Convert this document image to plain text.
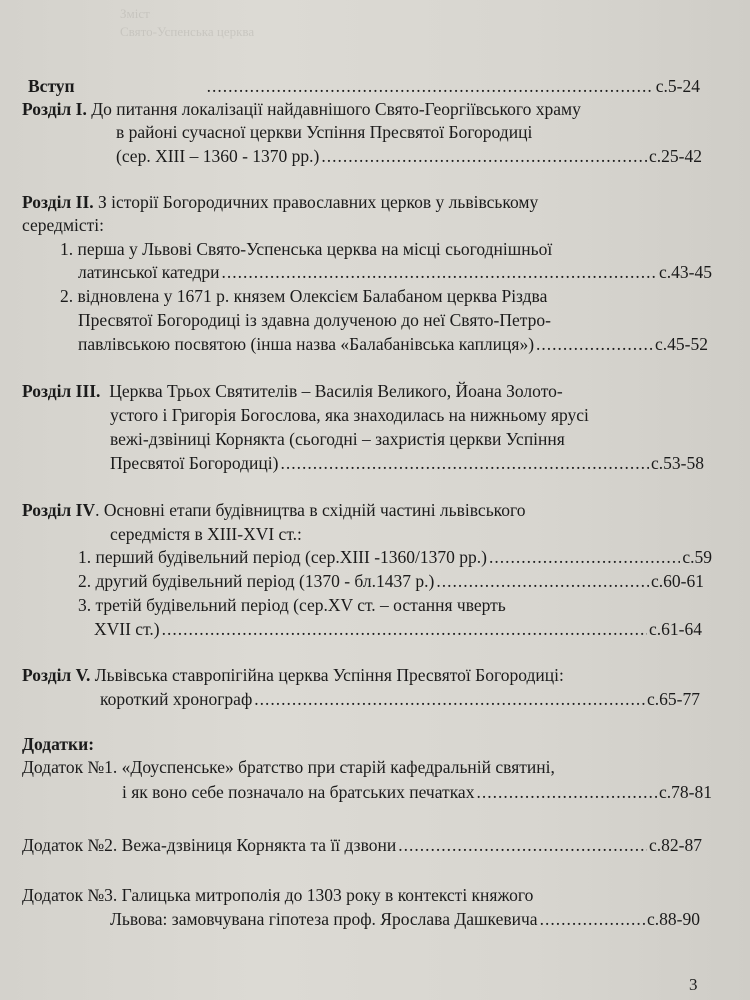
Зміст
Свято-Успенська церква
Вступ .....	c.5-24
Розділ І. До питання локалізації найдавнішого Свято-Георгіївського храму
в районі сучасної церкви Успіння Пресвятої Богородиці
(сер. XIII – 1360 - 1370 рр.) .....	c.25-42
Розділ ІІ. З історії Богородичних православних церков у львівському
середмісті:
1. перша у Львові Свято-Успенська церква на місці сьогоднішньої
латинської катедри .....	c.43-45
2. відновлена у 1671 р. князем Олексієм Балабаном церква Різдва
Пресвятої Богородиці із здавна долученою до неї Свято-Петро-
павлівською посвятою (інша назва «Балабанівська каплиця») .....	c.45-52
Розділ ІІІ. Церква Трьох Святителів – Василія Великого, Йоана Золото-
устого і Григорія Богослова, яка знаходилась на нижньому ярусі
вежі-дзвіниці Корнякта (сьогодні – захристія церкви Успіння
Пресвятої Богородиці) .....	c.53-58
Розділ IV. Основні етапи будівництва в східній частині львівського
середмістя в XIII-XVI ст.:
1. перший будівельний період (сер.XIII -1360/1370 рр.) .....	c.59
2. другий будівельний період (1370 - бл.1437 р.) .....	c.60-61
3. третій будівельний період (сер.XV ст. – остання чверть
XVII ст.) .....	c.61-64
Розділ V. Львівська ставропігійна церква Успіння Пресвятої Богородиці:
короткий хронограф .....	c.65-77
Додатки:
Додаток №1. «Доуспенське» братство при старій кафедральній святині,
і як воно себе позначало на братських печатках .....	c.78-81
Додаток №2. Вежа-дзвіниця Корнякта та її дзвони .....	c.82-87
Додаток №3. Галицька митрополія до 1303 року в контексті княжого
Львова: замовчувана гіпотеза проф. Ярослава Дашкевича .....	c.88-90
3
